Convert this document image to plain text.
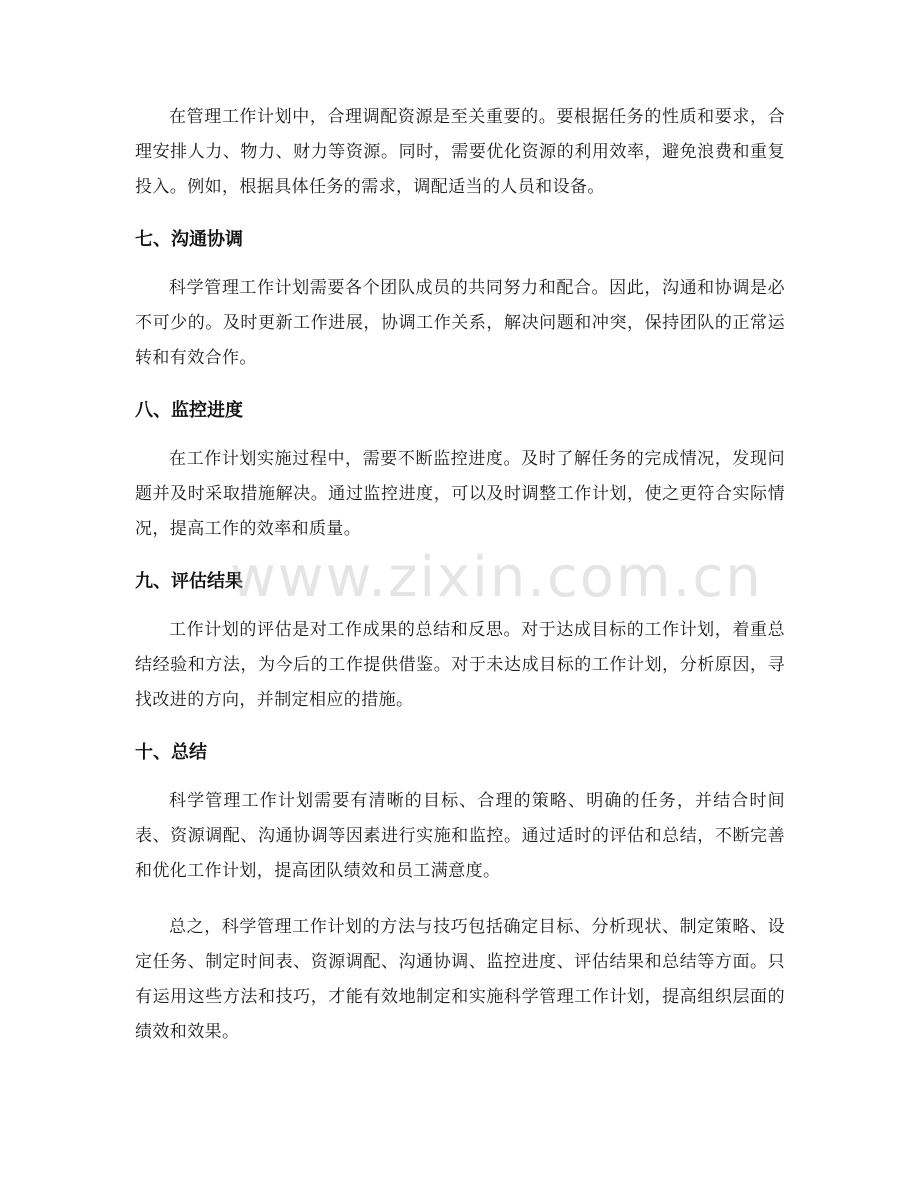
在管理工作计划中，合理调配资源是至关重要的。要根据任务的性质和要求，合理安排人力、物力、财力等资源。同时，需要优化资源的利用效率，避免浪费和重复投入。例如，根据具体任务的需求，调配适当的人员和设备。

七、沟通协调

科学管理工作计划需要各个团队成员的共同努力和配合。因此，沟通和协调是必不可少的。及时更新工作进展，协调工作关系，解决问题和冲突，保持团队的正常运转和有效合作。

八、监控进度

在工作计划实施过程中，需要不断监控进度。及时了解任务的完成情况，发现问题并及时采取措施解决。通过监控进度，可以及时调整工作计划，使之更符合实际情况，提高工作的效率和质量。

九、评估结果

工作计划的评估是对工作成果的总结和反思。对于达成目标的工作计划，着重总结经验和方法，为今后的工作提供借鉴。对于未达成目标的工作计划，分析原因，寻找改进的方向，并制定相应的措施。

十、总结

科学管理工作计划需要有清晰的目标、合理的策略、明确的任务，并结合时间表、资源调配、沟通协调等因素进行实施和监控。通过适时的评估和总结，不断完善和优化工作计划，提高团队绩效和员工满意度。

总之，科学管理工作计划的方法与技巧包括确定目标、分析现状、制定策略、设定任务、制定时间表、资源调配、沟通协调、监控进度、评估结果和总结等方面。只有运用这些方法和技巧，才能有效地制定和实施科学管理工作计划，提高组织层面的绩效和效果。

www.zixin.com.cn
